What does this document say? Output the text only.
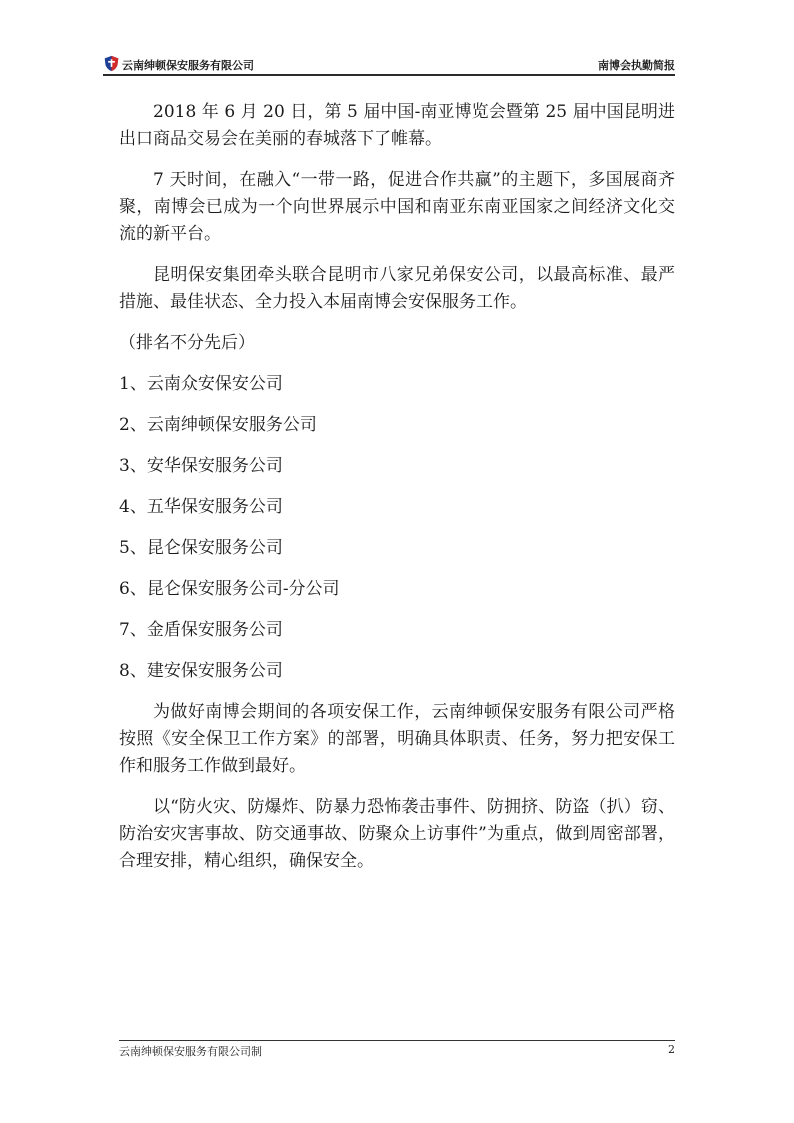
云南绅顿保安服务有限公司	南博会执勤简报

2018 年 6 月 20 日，第 5 届中国-南亚博览会暨第 25 届中国昆明进出口商品交易会在美丽的春城落下了帷幕。

7 天时间，在融入“一带一路，促进合作共赢”的主题下，多国展商齐聚，南博会已成为一个向世界展示中国和南亚东南亚国家之间经济文化交流的新平台。

昆明保安集团牵头联合昆明市八家兄弟保安公司，以最高标准、最严措施、最佳状态、全力投入本届南博会安保服务工作。

（排名不分先后）

1、云南众安保安公司

2、云南绅顿保安服务公司

3、安华保安服务公司

4、五华保安服务公司

5、昆仑保安服务公司

6、昆仑保安服务公司-分公司

7、金盾保安服务公司

8、建安保安服务公司

为做好南博会期间的各项安保工作，云南绅顿保安服务有限公司严格按照《安全保卫工作方案》的部署，明确具体职责、任务，努力把安保工作和服务工作做到最好。

以“防火灾、防爆炸、防暴力恐怖袭击事件、防拥挤、防盗（扒）窃、防治安灾害事故、防交通事故、防聚众上访事件”为重点，做到周密部署，合理安排，精心组织，确保安全。

云南绅顿保安服务有限公司制	2
